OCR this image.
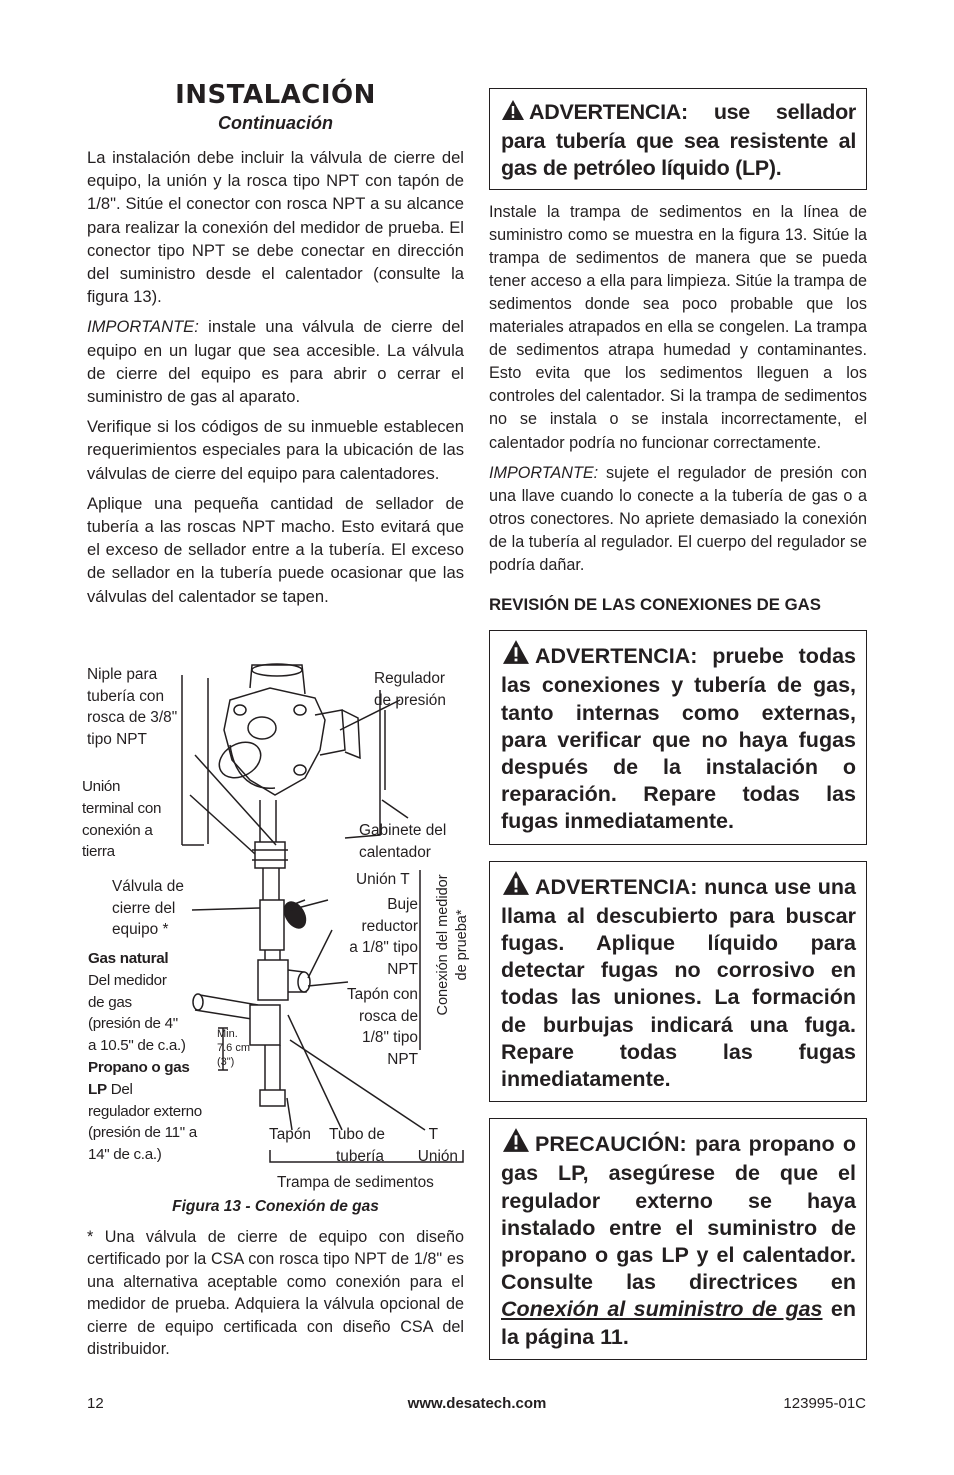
INSTALACIÓN
Continuación

La instalación debe incluir la válvula de cierre del equipo, la unión y la rosca tipo NPT con tapón de 1/8". Sitúe el conector con rosca NPT a su alcance para realizar la conexión del medidor de prueba. El conector tipo NPT se debe conectar en dirección del suministro desde el calentador (consulte la figura 13).

IMPORTANTE: instale una válvula de cierre del equipo en un lugar que sea accesible. La válvula de cierre del equipo es para abrir o cerrar el suministro de gas al aparato.

Verifique si los códigos de su inmueble establecen requerimientos especiales para la ubicación de las válvulas de cierre del equipo para calentadores.

Aplique una pequeña cantidad de sellador de tubería a las roscas NPT macho. Esto evitará que el exceso de sellador entre a la tubería. El exceso de sellador en la tubería puede ocasionar que las válvulas del calentador se tapen.

Niple para
tubería con
rosca de 3/8"
tipo NPT
Regulador
de presión
Unión
terminal con
conexión a
tierra
Gabinete del
calentador
Unión T
Válvula de
cierre del
equipo *
Buje
reductor
a 1/8" tipo
NPT Conexión del medidor de prueba*
Gas natural
Del medidor
de gas
(presión de 4"
a 10.5" de c.a.)
Propano o gas
LP Del
regulador externo
(presión de 11" a
14" de c.a.)
Tapón con
rosca de
1/8" tipo
NPT
Min.
7.6 cm
(3")
Tapón Tubo de
tubería
T
Unión
Trampa de sedimentos
Figura 13 - Conexión de gas
* Una válvula de cierre de equipo con diseño certificado por la CSA con rosca tipo NPT de 1/8" es una alternativa aceptable como conexión para el medidor de prueba. Adquiera la válvula opcional de cierre de equipo certificada con diseño CSA del distribuidor.
ADVERTENCIA: use sellador para tubería que sea resistente al gas de petróleo líquido (LP).

Instale la trampa de sedimentos en la línea de suministro como se muestra en la figura 13. Sitúe la trampa de sedimentos de manera que se pueda tener acceso a ella para limpieza. Sitúe la trampa de sedimentos donde sea poco probable que los materiales atrapados en ella se congelen. La trampa de sedimentos atrapa humedad y contaminantes. Esto evita que los sedimentos lleguen a los controles del calentador. Si la trampa de sedimentos no se instala o se instala incorrectamente, el calentador podría no funcionar correctamente.

IMPORTANTE: sujete el regulador de presión con una llave cuando lo conecte a la tubería de gas o a otros conectores. No apriete demasiado la conexión de la tubería al regulador. El cuerpo del regulador se podría dañar.

REVISIÓN DE LAS CONEXIONES DE GAS
ADVERTENCIA: pruebe todas las conexiones y tubería de gas, tanto internas como externas, para verificar que no haya fugas después de la instalación o reparación. Repare todas las fugas inmediatamente.
ADVERTENCIA: nunca use una llama al descubierto para buscar fugas. Aplique líquido para detectar fugas no corrosivo en todas las uniones. La formación de burbujas indicará una fuga. Repare todas las fugas inmediatamente.
PRECAUCIÓN: para propano o gas LP, asegúrese de que el regulador externo se haya instalado entre el suministro de propano o gas LP y el calentador. Consulte las directrices en Conexión al suministro de gas en la página 11.
12	www.desatech.com	123995-01C
